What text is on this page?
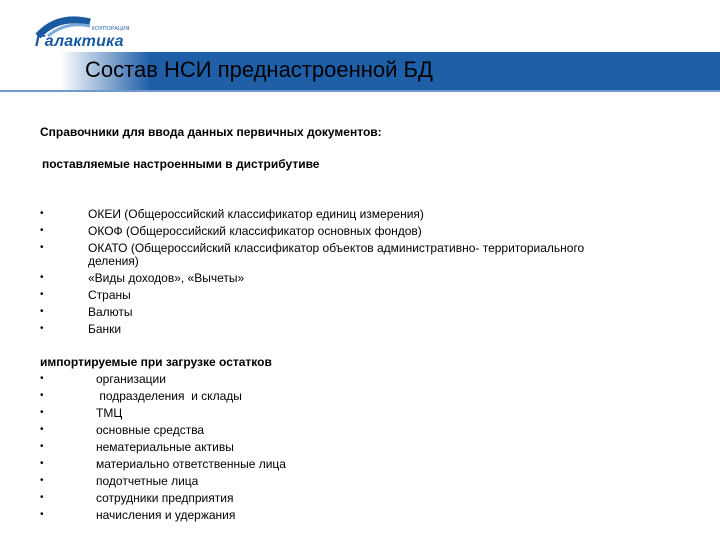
КОРПОРАЦИЯ
Галактика
Состав НСИ преднастроенной БД
Справочники для ввода данных первичных документов:
поставляемые настроенными в дистрибутиве
•	ОКЕИ (Общероссийский классификатор единиц измерения)
•	ОКОФ (Общероссийский классификатор основных фондов)
•	ОКАТО (Общероссийский классификатор объектов административно- территориального
деления)
•	«Виды доходов», «Вычеты»
•	Страны
•	Валюты
•	Банки
импортируемые при загрузке остатков
•	организации
•	подразделения  и склады
•	ТМЦ
•	основные средства
•	нематериальные активы
•	материально ответственные лица
•	подотчетные лица
•	сотрудники предприятия
•	начисления и удержания
